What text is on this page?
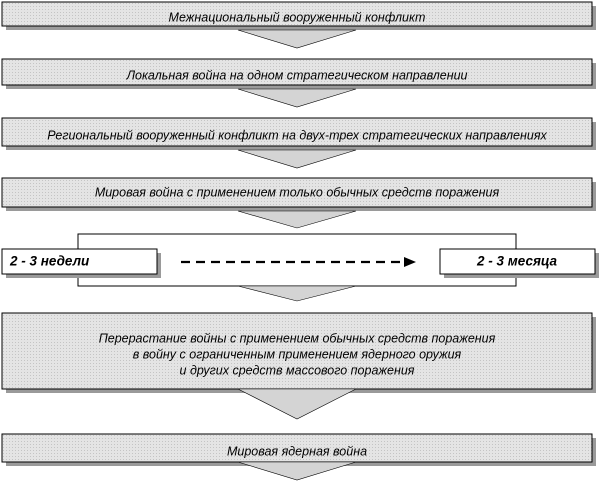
Межнациональный вооруженный конфликт
Локальная война на одном стратегическом направлении
Региональный вооруженный конфликт на двух-трех стратегических направлениях
Мировая война с применением только обычных средств поражения
2 - 3 недели	2 - 3 месяца
Перерастание войны с применением обычных средств поражения
в войну с ограниченным применением ядерного оружия
и других средств массового поражения
Мировая ядерная война
